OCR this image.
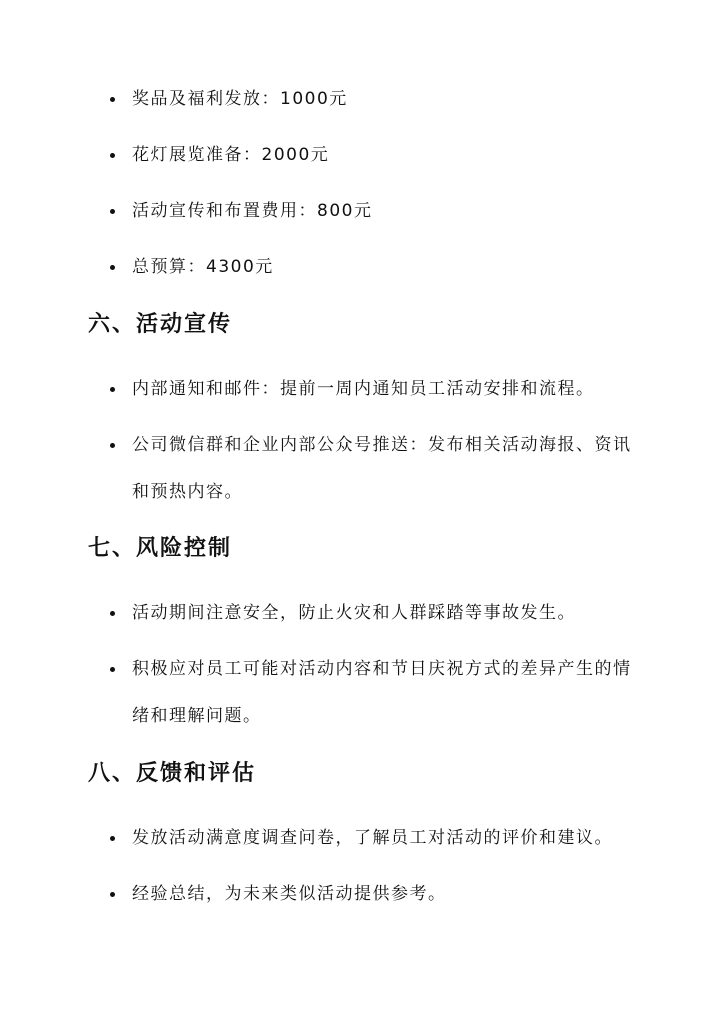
奖品及福利发放：1000元
花灯展览准备：2000元
活动宣传和布置费用：800元
总预算：4300元
六、活动宣传
内部通知和邮件：提前一周内通知员工活动安排和流程。
公司微信群和企业内部公众号推送：发布相关活动海报、资讯和预热内容。
七、风险控制
活动期间注意安全，防止火灾和人群踩踏等事故发生。
积极应对员工可能对活动内容和节日庆祝方式的差异产生的情绪和理解问题。
八、反馈和评估
发放活动满意度调查问卷，了解员工对活动的评价和建议。
经验总结，为未来类似活动提供参考。
